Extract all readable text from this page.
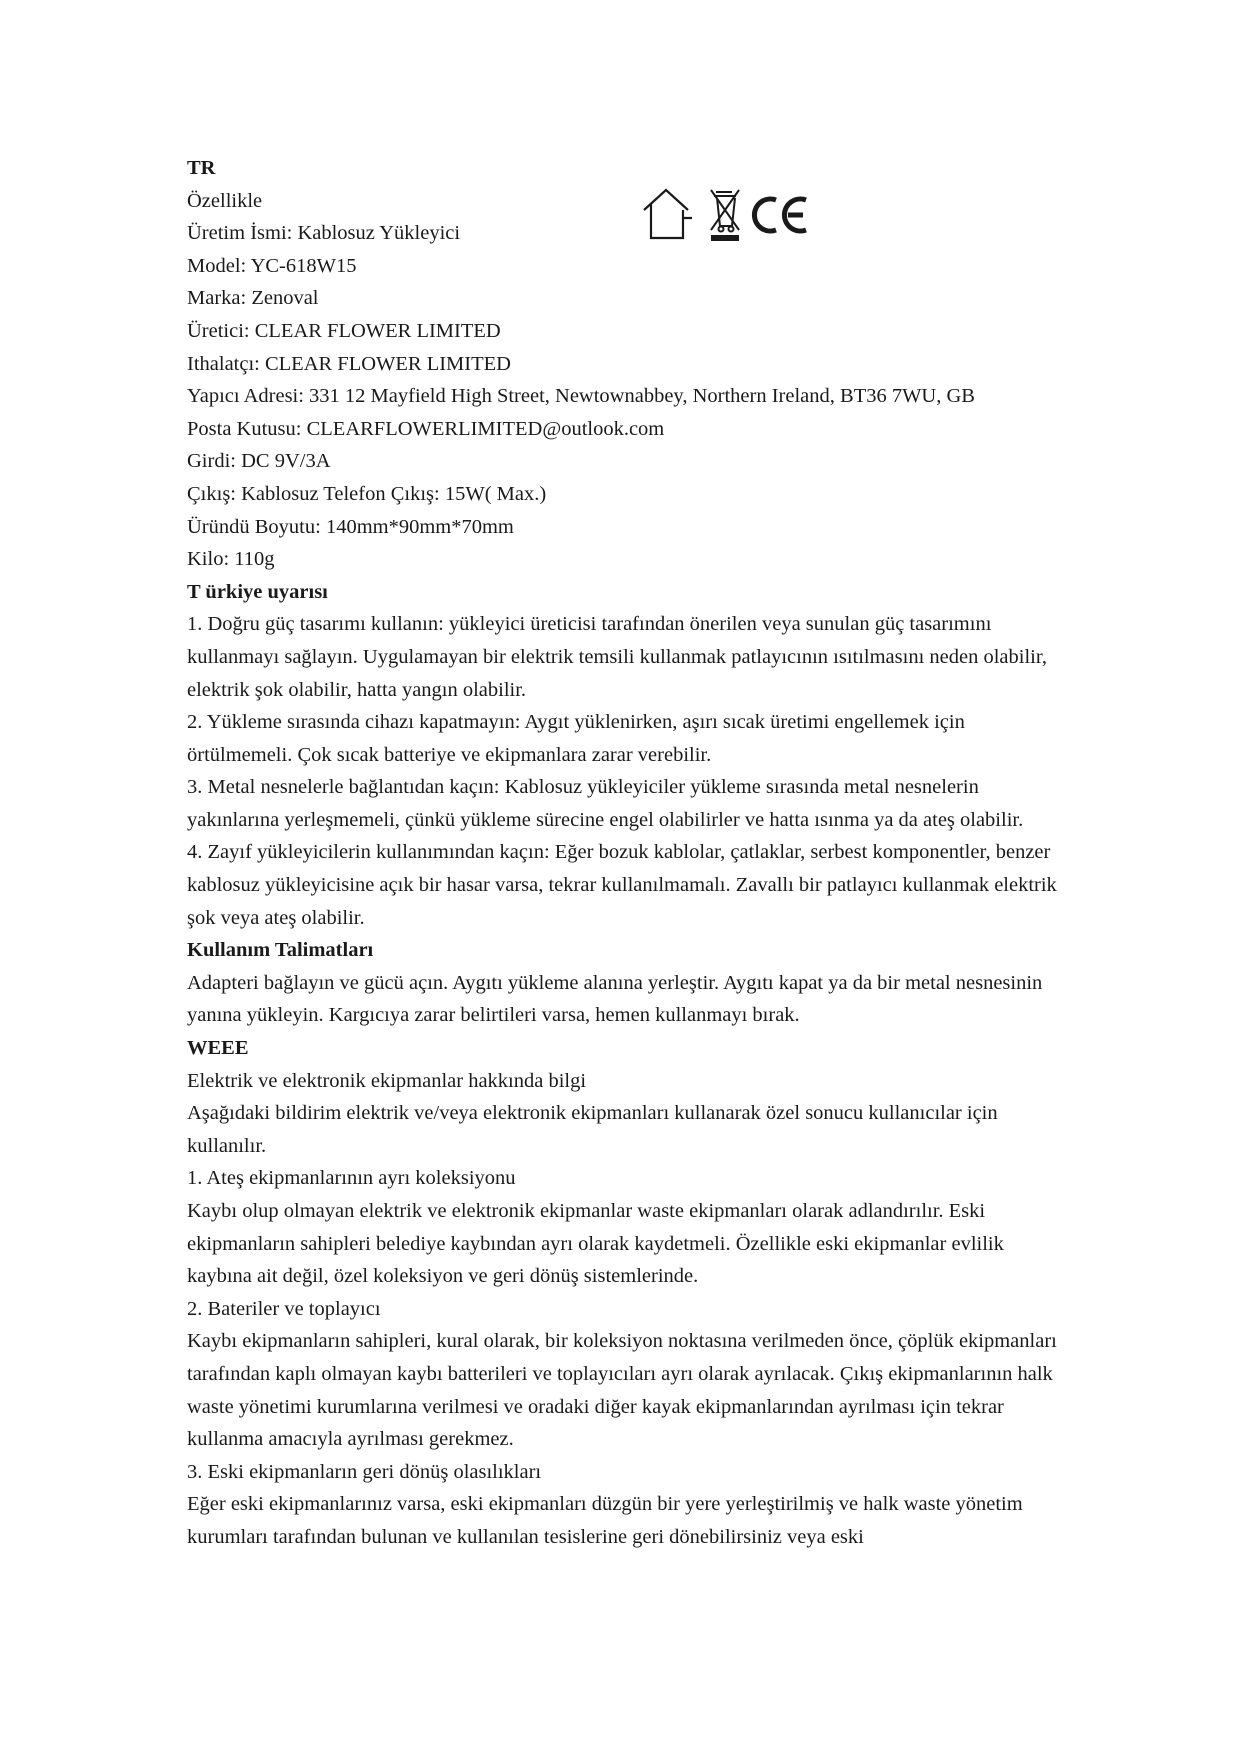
TR
Özellikle
Üretim İsmi: Kablosuz Yükleyici
Model: YC-618W15
Marka: Zenoval
Üretici: CLEAR FLOWER LIMITED
Ithalatçı: CLEAR FLOWER LIMITED
Yapıcı Adresi: 331 12 Mayfield High Street, Newtownabbey, Northern Ireland, BT36 7WU, GB
Posta Kutusu: CLEARFLOWERLIMITED@outlook.com
Girdi: DC 9V/3A
Çıkış: Kablosuz Telefon Çıkış: 15W( Max.)
Üründü Boyutu: 140mm*90mm*70mm
Kilo: 110g
T ürkiye uyarısı
1. Doğru güç tasarımı kullanın: yükleyici üreticisi tarafından önerilen veya sunulan güç tasarımını kullanmayı sağlayın. Uygulamayan bir elektrik temsili kullanmak patlayıcının ısıtılmasını neden olabilir, elektrik şok olabilir, hatta yangın olabilir.
2. Yükleme sırasında cihazı kapatmayın: Aygıt yüklenirken, aşırı sıcak üretimi engellemek için örtülmemeli. Çok sıcak batteriye ve ekipmanlara zarar verebilir.
3. Metal nesnelerle bağlantıdan kaçın: Kablosuz yükleyiciler yükleme sırasında metal nesnelerin yakınlarına yerleşmemeli, çünkü yükleme sürecine engel olabilirler ve hatta ısınma ya da ateş olabilir.
4. Zayıf yükleyicilerin kullanımından kaçın: Eğer bozuk kablolar, çatlaklar, serbest komponentler, benzer kablosuz yükleyicisine açık bir hasar varsa, tekrar kullanılmamalı. Zavallı bir patlayıcı kullanmak elektrik şok veya ateş olabilir.
Kullanım Talimatları
Adapteri bağlayın ve gücü açın. Aygıtı yükleme alanına yerleştir. Aygıtı kapat ya da bir metal nesnesinin yanına yükleyin. Kargıcıya zarar belirtileri varsa, hemen kullanmayı bırak.
WEEE
Elektrik ve elektronik ekipmanlar hakkında bilgi
Aşağıdaki bildirim elektrik ve/veya elektronik ekipmanları kullanarak özel sonucu kullanıcılar için kullanılır.
1. Ateş ekipmanlarının ayrı koleksiyonu
Kaybı olup olmayan elektrik ve elektronik ekipmanlar waste ekipmanları olarak adlandırılır. Eski ekipmanların sahipleri belediye kaybından ayrı olarak kaydetmeli. Özellikle eski ekipmanlar evlilik kaybına ait değil, özel koleksiyon ve geri dönüş sistemlerinde.
2. Bateriler ve toplayıcı
Kaybı ekipmanların sahipleri, kural olarak, bir koleksiyon noktasına verilmeden önce, çöplük ekipmanları tarafından kaplı olmayan kaybı batterileri ve toplayıcıları ayrı olarak ayrılacak. Çıkış ekipmanlarının halk waste yönetimi kurumlarına verilmesi ve oradaki diğer kayak ekipmanlarından ayrılması için tekrar kullanma amacıyla ayrılması gerekmez.
3. Eski ekipmanların geri dönüş olasılıkları
Eğer eski ekipmanlarınız varsa, eski ekipmanları düzgün bir yere yerleştirilmiş ve halk waste yönetim kurumları tarafından bulunan ve kullanılan tesislerine geri dönebilirsiniz veya eski
